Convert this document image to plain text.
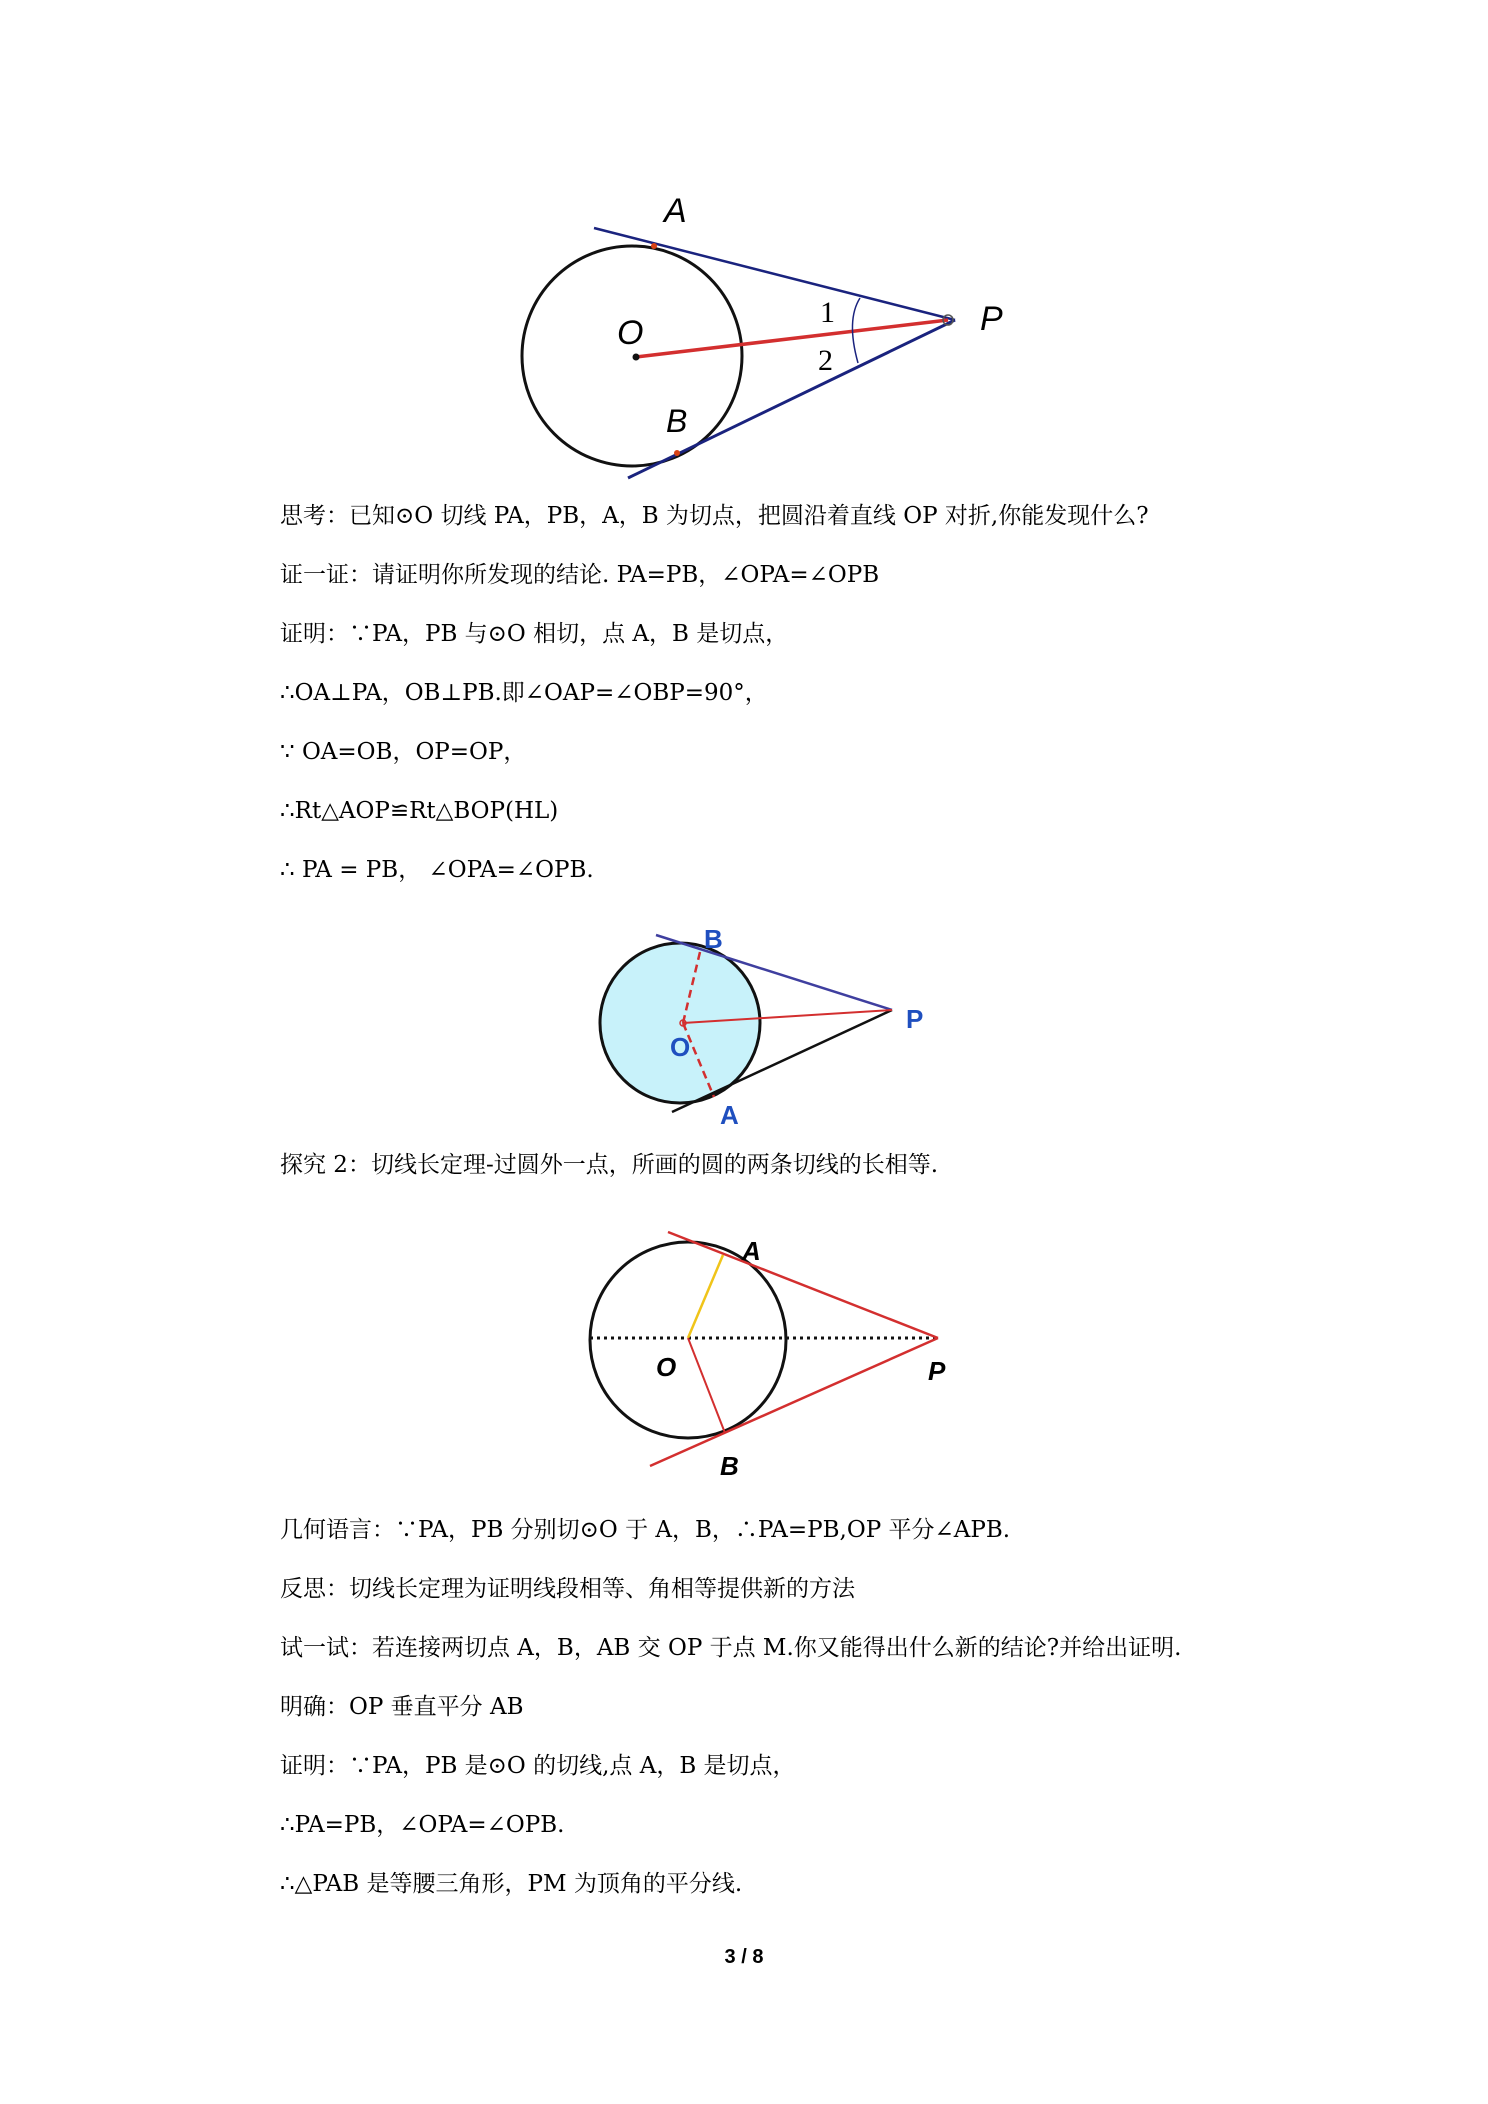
A
O
B
P
1
2
思考：已知⊙O 切线 PA，PB，A，B 为切点，把圆沿着直线 OP 对折,你能发现什么?
证一证：请证明你所发现的结论. PA=PB，∠OPA=∠OPB
证明：∵PA，PB 与⊙O 相切，点 A，B 是切点，
∴OA⊥PA，OB⊥PB.即∠OAP=∠OBP=90°，
∵ OA=OB，OP=OP，
∴Rt△AOP≌Rt△BOP(HL)
∴ PA = PB， ∠OPA=∠OPB.
B
P
O
A
探究 2：切线长定理-过圆外一点，所画的圆的两条切线的长相等.
A
O	P
B
几何语言：∵PA，PB 分别切⊙O 于 A，B，∴PA=PB,OP 平分∠APB.
反思：切线长定理为证明线段相等、角相等提供新的方法
试一试：若连接两切点 A，B，AB 交 OP 于点 M.你又能得出什么新的结论?并给出证明.
明确：OP 垂直平分 AB
证明：∵PA，PB 是⊙O 的切线,点 A，B 是切点，
∴PA=PB，∠OPA=∠OPB.
∴△PAB 是等腰三角形，PM 为顶角的平分线.
3 / 8
